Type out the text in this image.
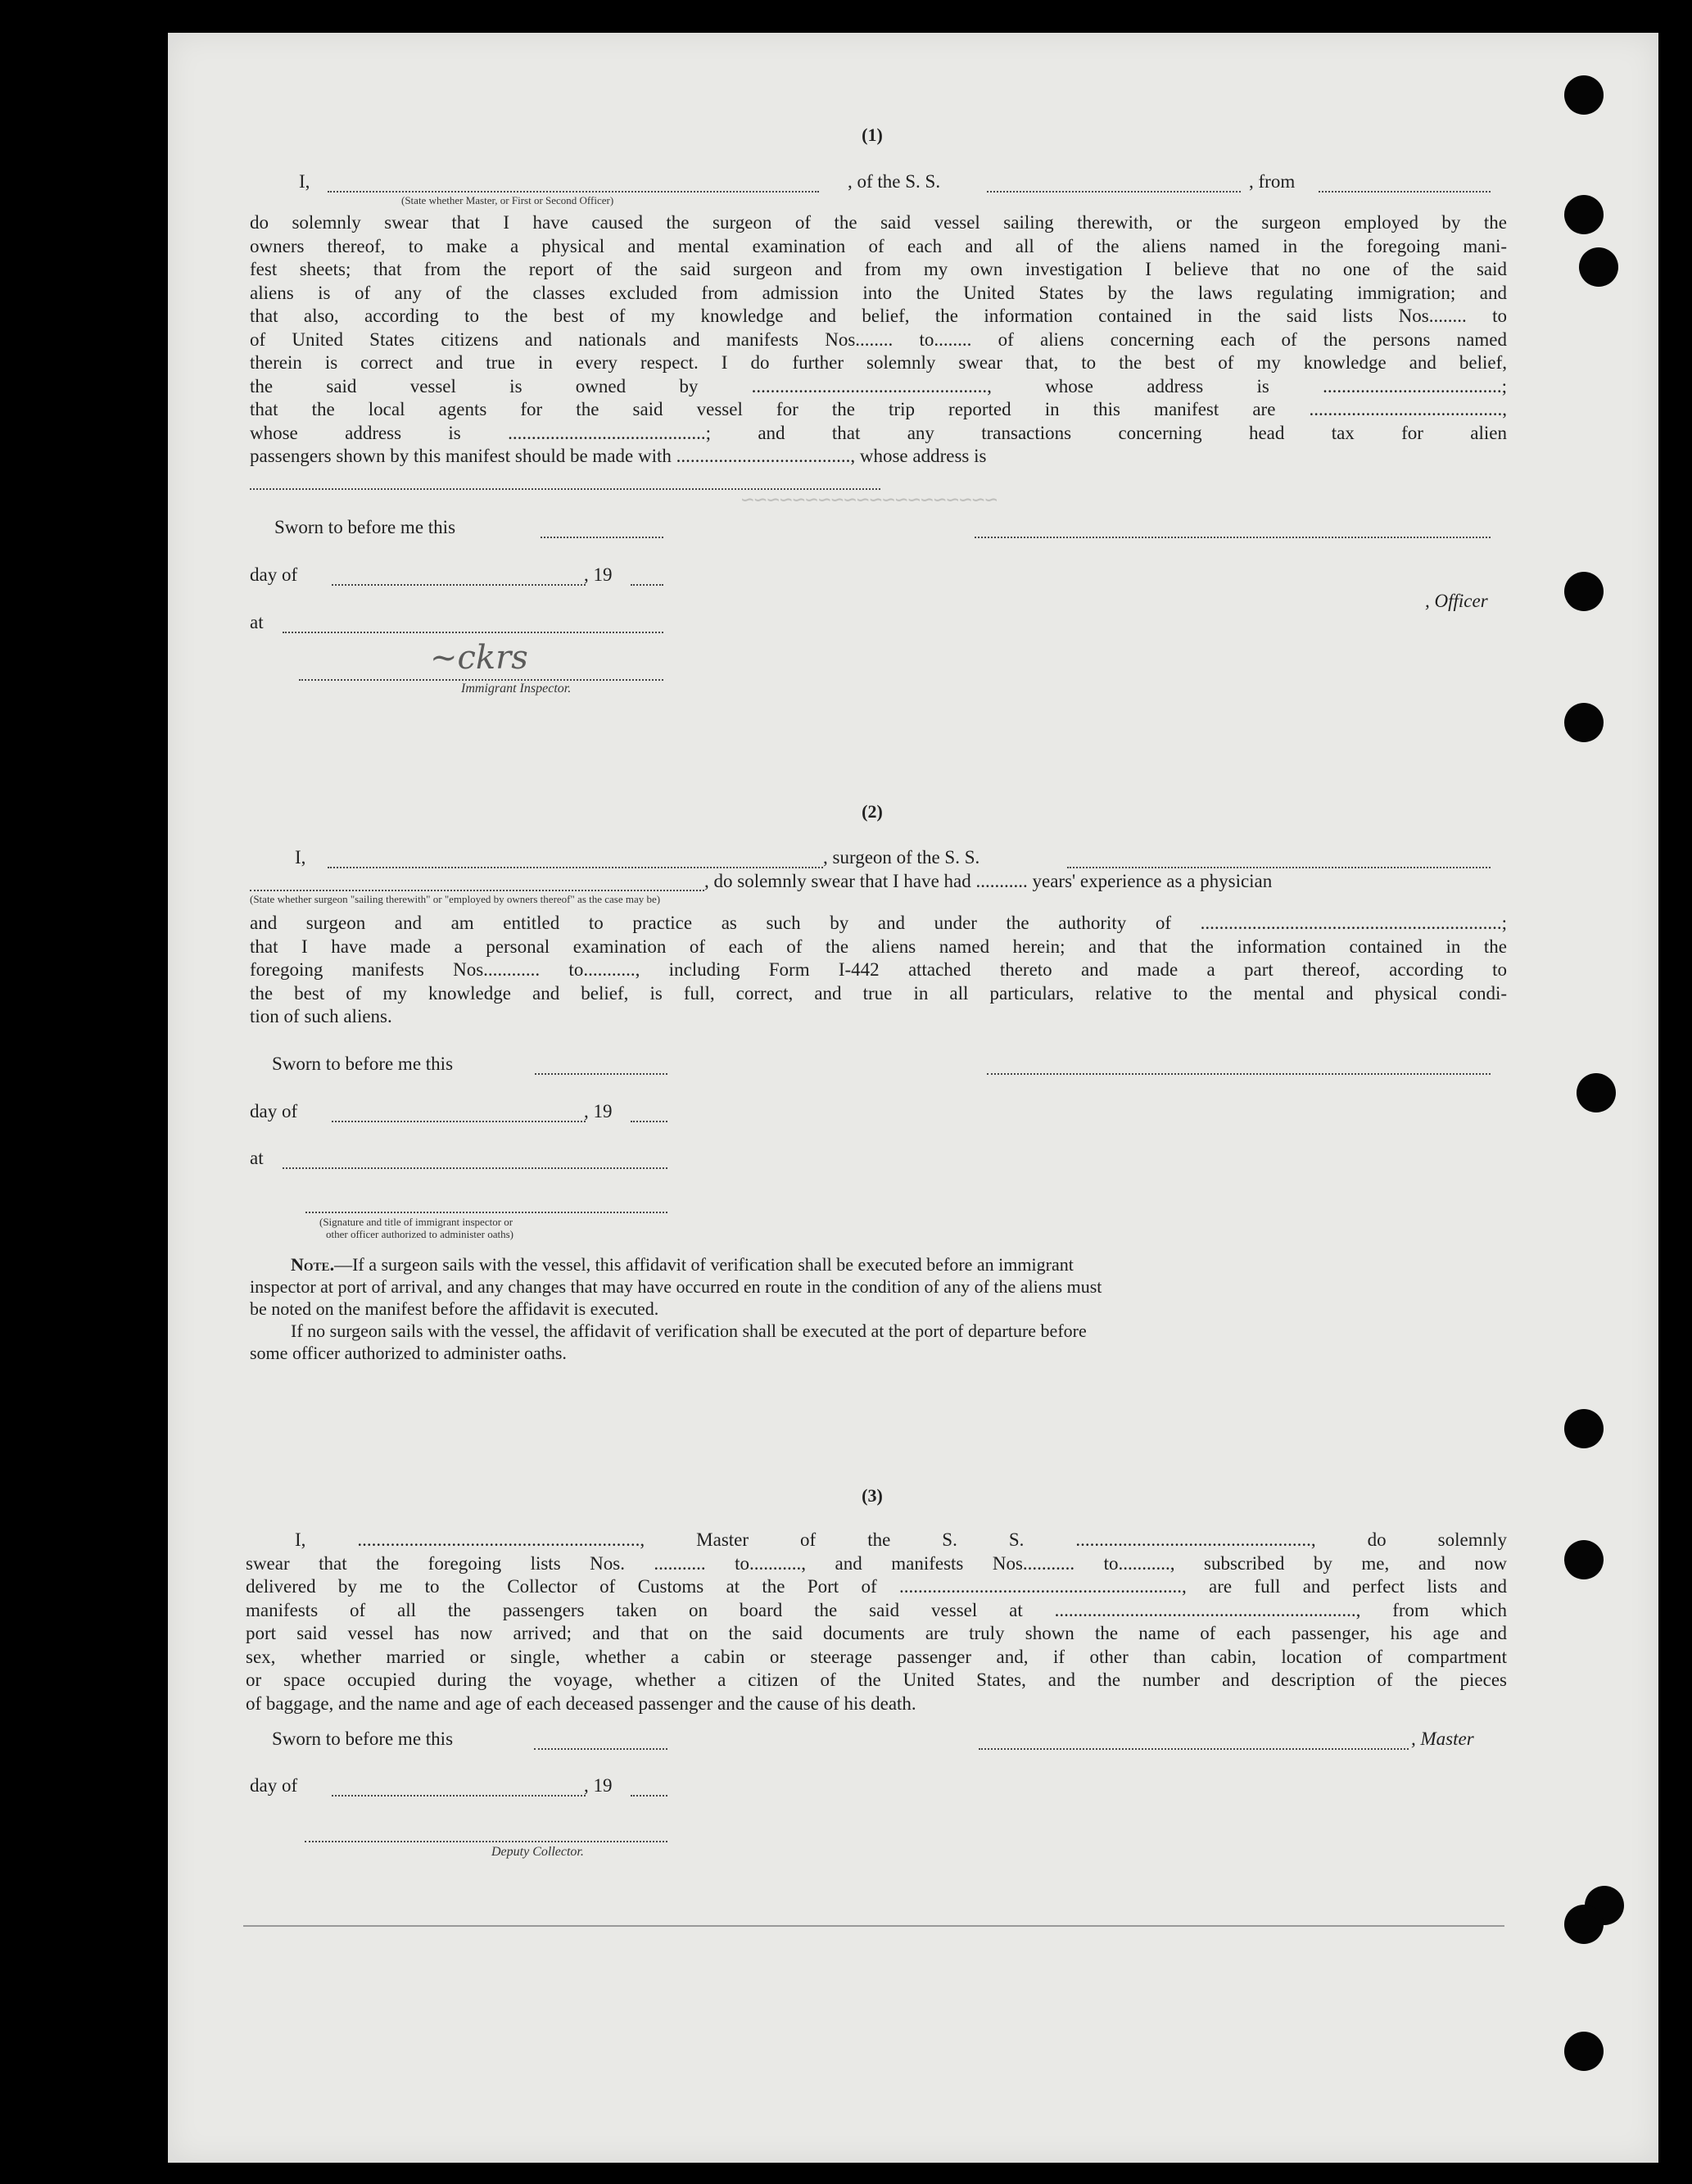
~~~~~~~~~~~~~~~~~~~~
(1)
I,	, of the S. S.	, from
(State whether Master, or First or Second Officer)
do solemnly swear that I have caused the surgeon of the said vessel sailing therewith, or the surgeon employed by the
owners thereof, to make a physical and mental examination of each and all of the aliens named in the foregoing mani-
fest sheets; that from the report of the said surgeon and from my own investigation I believe that no one of the said
aliens is of any of the classes excluded from admission into the United States by the laws regulating immigration; and
that also, according to the best of my knowledge and belief, the information contained in the said lists Nos........ to
of United States citizens and nationals and manifests Nos........ to........ of aliens concerning each of the persons named
therein is correct and true in every respect. I do further solemnly swear that, to the best of my knowledge and belief,
the said vessel is owned by .................................................., whose address is ......................................;
that the local agents for the said vessel for the trip reported in this manifest are .........................................,
whose address is ..........................................; and that any transactions concerning head tax for alien
passengers shown by this manifest should be made with ....................................., whose address is
Sworn to before me this
day of	, 19
, Officer
at
~ckrs
Immigrant Inspector.
(2)
I,	, surgeon of the S. S.
, do solemnly swear that I have had ........... years' experience as a physician
(State whether surgeon "sailing therewith" or "employed by owners thereof" as the case may be)
and surgeon and am entitled to practice as such by and under the authority of ................................................................;
that I have made a personal examination of each of the aliens named herein; and that the information contained in the
foregoing manifests Nos............ to..........., including Form I-442 attached thereto and made a part thereof, according to
the best of my knowledge and belief, is full, correct, and true in all particulars, relative to the mental and physical condi-
tion of such aliens.
Sworn to before me this
day of	, 19
at
(Signature and title of immigrant inspector or
other officer authorized to administer oaths)
Note.—If a surgeon sails with the vessel, this affidavit of verification shall be executed before an immigrant
inspector at port of arrival, and any changes that may have occurred en route in the condition of any of the aliens must
be noted on the manifest before the affidavit is executed.
If no surgeon sails with the vessel, the affidavit of verification shall be executed at the port of departure before
some officer authorized to administer oaths.
(3)
I, ............................................................, Master of the S. S. .................................................., do solemnly
swear that the foregoing lists Nos. ........... to..........., and manifests Nos........... to..........., subscribed by me, and now
delivered by me to the Collector of Customs at the Port of ............................................................, are full and perfect lists and
manifests of all the passengers taken on board the said vessel at ................................................................, from which
port said vessel has now arrived; and that on the said documents are truly shown the name of each passenger, his age and
sex, whether married or single, whether a cabin or steerage passenger and, if other than cabin, location of compartment
or space occupied during the voyage, whether a citizen of the United States, and the number and description of the pieces
of baggage, and the name and age of each deceased passenger and the cause of his death.
Sworn to before me this	, Master
day of	, 19
Deputy Collector.
